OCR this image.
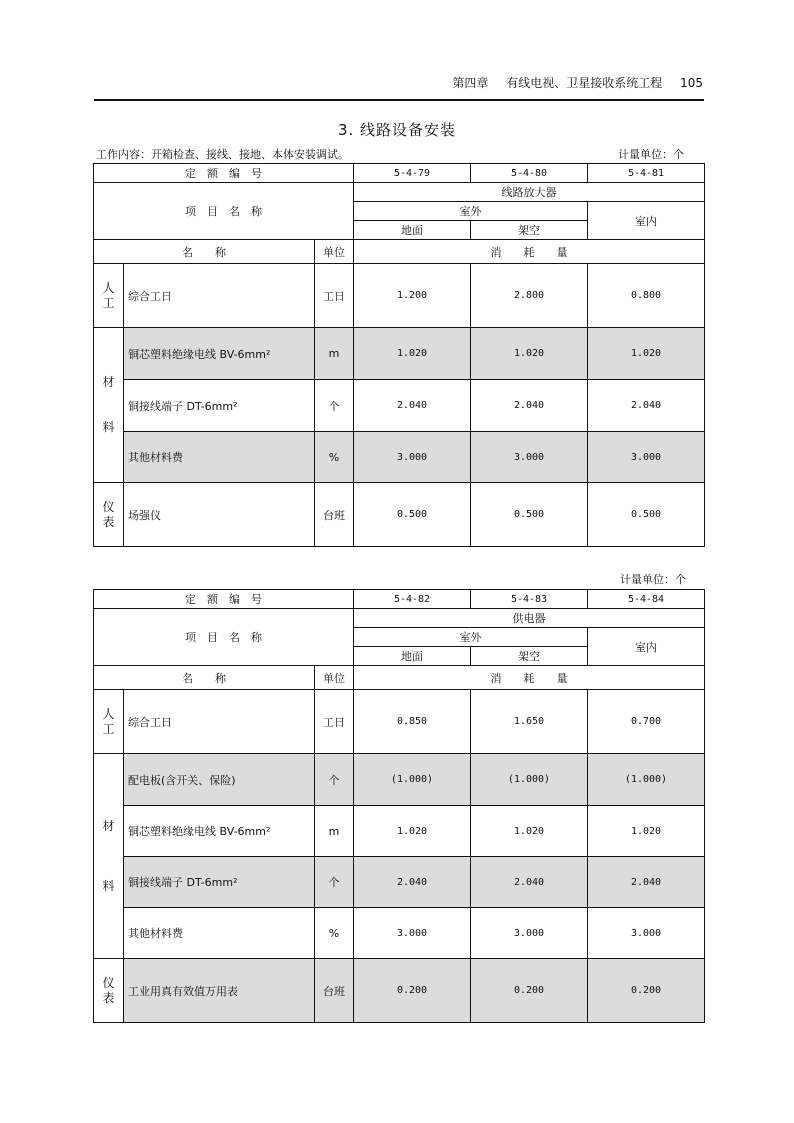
第四章 有线电视、卫星接收系统工程 105
3. 线路设备安装
工作内容：开箱检查、接线、接地、本体安装调试。	计量单位：个
定　额　编　号			5-4-79	5-4-80	5-4-81
项　目　名　称			线路放大器		
			室外		室内
			地面	架空	
名　　称		单位	消　　耗　　量		
人
工	综合工日	工日	1.200	2.800	0.800
材

料	铜芯塑料绝缘电线 BV-6mm²	m	1.020	1.020	1.020
	铜接线端子 DT-6mm²	个	2.040	2.040	2.040
	其他材料费	%	3.000	3.000	3.000
仪
表	场强仪	台班	0.500	0.500	0.500
计量单位：个
定　额　编　号			5-4-82	5-4-83	5-4-84
项　目　名　称			供电器		
			室外		室内
			地面	架空	
名　　称		单位	消　　耗　　量		
人
工	综合工日	工日	0.850	1.650	0.700
材

料	配电板(含开关、保险)	个	(1.000)	(1.000)	(1.000)
	铜芯塑料绝缘电线 BV-6mm²	m	1.020	1.020	1.020
	铜接线端子 DT-6mm²	个	2.040	2.040	2.040
	其他材料费	%	3.000	3.000	3.000
仪
表	工业用真有效值万用表	台班	0.200	0.200	0.200
